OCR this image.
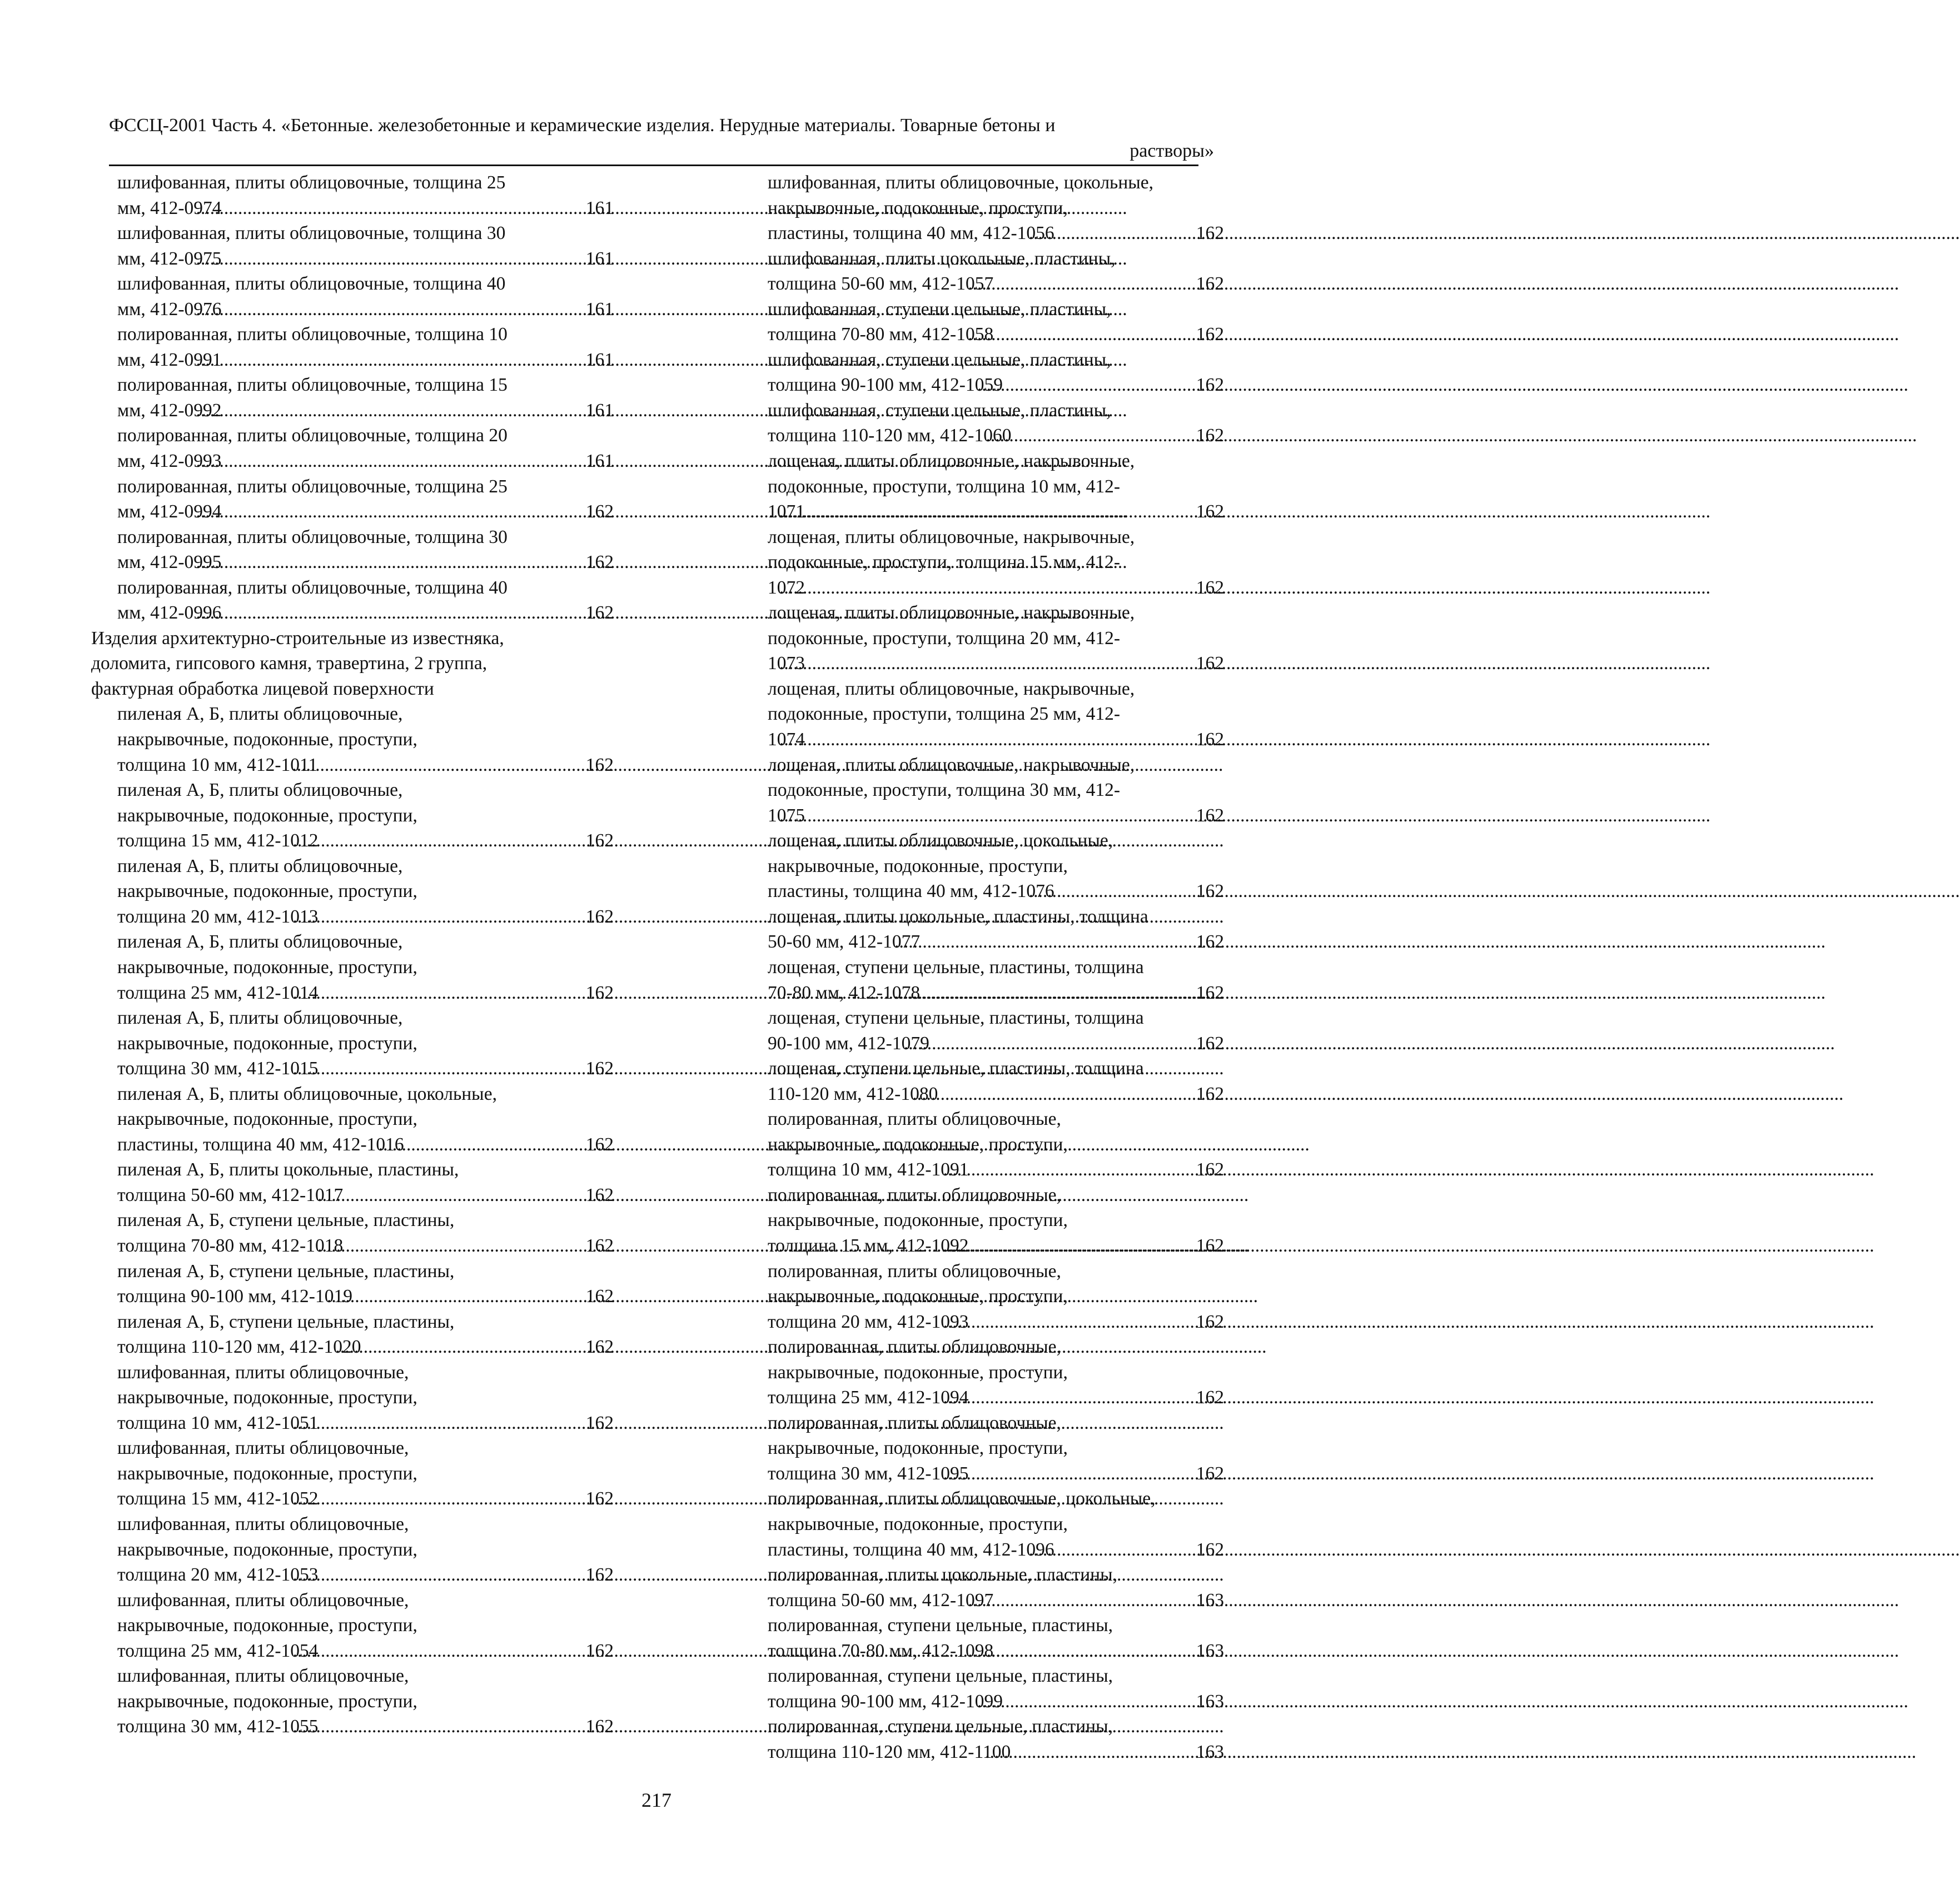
ФССЦ-2001 Часть 4. «Бетонные. железобетонные и керамические изделия. Нерудные материалы. Товарные бетоны и
растворы»
шлифованная, плиты облицовочные, толщина 25
мм, 412-0974 .....	161
шлифованная, плиты облицовочные, толщина 30
мм, 412-0975 .....	161
шлифованная, плиты облицовочные, толщина 40
мм, 412-0976 .....	161
полированная, плиты облицовочные, толщина 10
мм, 412-0991 .....	161
полированная, плиты облицовочные, толщина 15
мм, 412-0992 .....	161
полированная, плиты облицовочные, толщина 20
мм, 412-0993 .....	161
полированная, плиты облицовочные, толщина 25
мм, 412-0994 .....	162
полированная, плиты облицовочные, толщина 30
мм, 412-0995 .....	162
полированная, плиты облицовочные, толщина 40
мм, 412-0996 .....	162
Изделия архитектурно-строительные из известняка,
доломита, гипсового камня, травертина, 2 группа,
фактурная обработка лицевой поверхности
пиленая А, Б, плиты облицовочные,
накрывочные, подоконные, проступи,
толщина 10 мм, 412-1011 .....	162
пиленая А, Б, плиты облицовочные,
накрывочные, подоконные, проступи,
толщина 15 мм, 412-1012 .....	162
пиленая А, Б, плиты облицовочные,
накрывочные, подоконные, проступи,
толщина 20 мм, 412-1013 .....	162
пиленая А, Б, плиты облицовочные,
накрывочные, подоконные, проступи,
толщина 25 мм, 412-1014 .....	162
пиленая А, Б, плиты облицовочные,
накрывочные, подоконные, проступи,
толщина 30 мм, 412-1015 .....	162
пиленая А, Б, плиты облицовочные, цокольные,
накрывочные, подоконные, проступи,
пластины, толщина 40 мм, 412-1016 .....	162
пиленая А, Б, плиты цокольные, пластины,
толщина 50-60 мм, 412-1017 .....	162
пиленая А, Б, ступени цельные, пластины,
толщина 70-80 мм, 412-1018 .....	162
пиленая А, Б, ступени цельные, пластины,
толщина 90-100 мм, 412-1019 .....	162
пиленая А, Б, ступени цельные, пластины,
толщина 110-120 мм, 412-1020 .....	162
шлифованная, плиты облицовочные,
накрывочные, подоконные, проступи,
толщина 10 мм, 412-1051 .....	162
шлифованная, плиты облицовочные,
накрывочные, подоконные, проступи,
толщина 15 мм, 412-1052 .....	162
шлифованная, плиты облицовочные,
накрывочные, подоконные, проступи,
толщина 20 мм, 412-1053 .....	162
шлифованная, плиты облицовочные,
накрывочные, подоконные, проступи,
толщина 25 мм, 412-1054 .....	162
шлифованная, плиты облицовочные,
накрывочные, подоконные, проступи,
толщина 30 мм, 412-1055 .....	162
шлифованная, плиты облицовочные, цокольные,
накрывочные, подоконные, проступи,
пластины, толщина 40 мм, 412-1056 .....	162
шлифованная, плиты цокольные, пластины,
толщина 50-60 мм, 412-1057 .....	162
шлифованная, ступени цельные, пластины,
толщина 70-80 мм, 412-1058 .....	162
шлифованная, ступени цельные, пластины,
толщина 90-100 мм, 412-1059 .....	162
шлифованная, ступени цельные, пластины,
толщина 110-120 мм, 412-1060 .....	162
лощеная, плиты облицовочные, накрывочные,
подоконные, проступи, толщина 10 мм, 412-
1071 .....	162
лощеная, плиты облицовочные, накрывочные,
подоконные, проступи, толщина 15 мм, 412-
1072 .....	162
лощеная, плиты облицовочные, накрывочные,
подоконные, проступи, толщина 20 мм, 412-
1073 .....	162
лощеная, плиты облицовочные, накрывочные,
подоконные, проступи, толщина 25 мм, 412-
1074 .....	162
лощеная, плиты облицовочные, накрывочные,
подоконные, проступи, толщина 30 мм, 412-
1075 .....	162
лощеная, плиты облицовочные, цокольные,
накрывочные, подоконные, проступи,
пластины, толщина 40 мм, 412-1076 .....	162
лощеная, плиты цокольные, пластины, толщина
50-60 мм, 412-1077 .....	162
лощеная, ступени цельные, пластины, толщина
70-80 мм, 412-1078 .....	162
лощеная, ступени цельные, пластины, толщина
90-100 мм, 412-1079 .....	162
лощеная, ступени цельные, пластины, толщина
110-120 мм, 412-1080 .....	162
полированная, плиты облицовочные,
накрывочные, подоконные, проступи,
толщина 10 мм, 412-1091 .....	162
полированная, плиты облицовочные,
накрывочные, подоконные, проступи,
толщина 15 мм, 412-1092 .....	162
полированная, плиты облицовочные,
накрывочные, подоконные, проступи,
толщина 20 мм, 412-1093 .....	162
полированная, плиты облицовочные,
накрывочные, подоконные, проступи,
толщина 25 мм, 412-1094 .....	162
полированная, плиты облицовочные,
накрывочные, подоконные, проступи,
толщина 30 мм, 412-1095 .....	162
полированная, плиты облицовочные, цокольные,
накрывочные, подоконные, проступи,
пластины, толщина 40 мм, 412-1096 .....	162
полированная, плиты цокольные, пластины,
толщина 50-60 мм, 412-1097 .....	163
полированная, ступени цельные, пластины,
толщина 70-80 мм, 412-1098 .....	163
полированная, ступени цельные, пластины,
толщина 90-100 мм, 412-1099 .....	163
полированная, ступени цельные, пластины,
толщина 110-120 мм, 412-1100 .....	163
217
